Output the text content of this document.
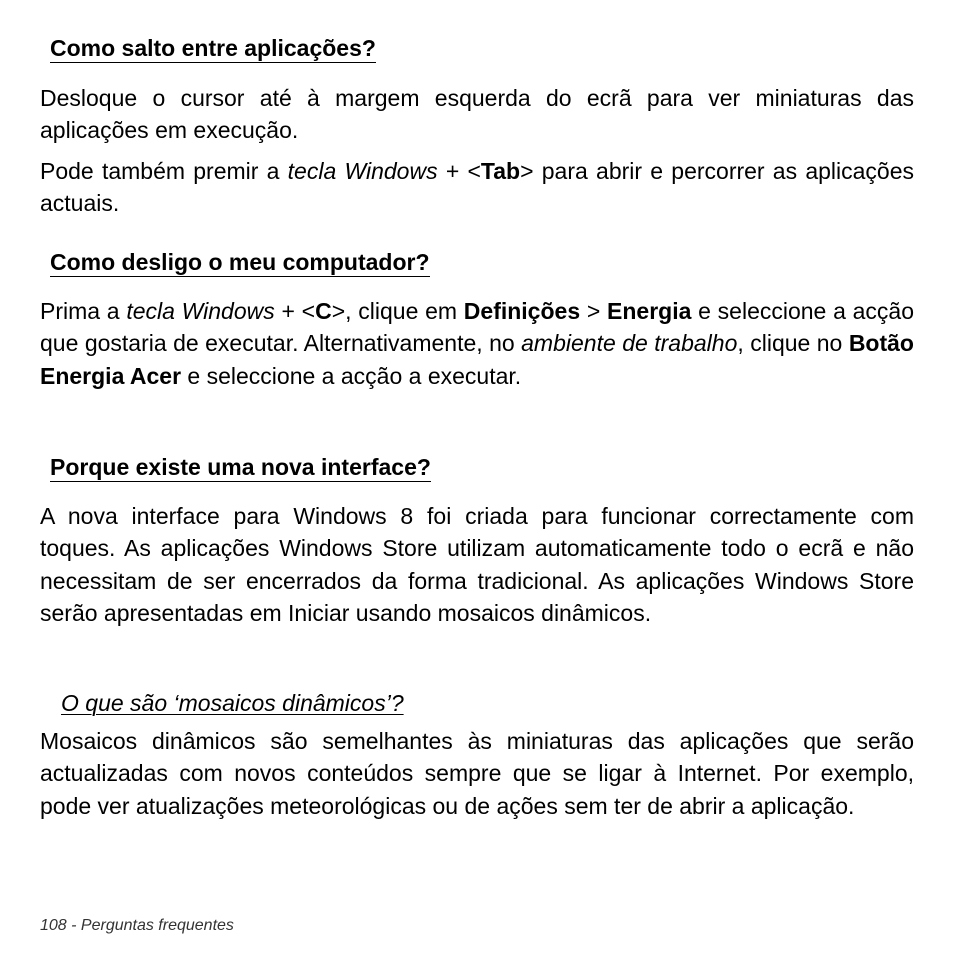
Como salto entre aplicações?

Desloque o cursor até à margem esquerda do ecrã para ver miniaturas das aplicações em execução.

Pode também premir a tecla Windows + <Tab> para abrir e percorrer as aplicações actuais.

Como desligo o meu computador?

Prima a tecla Windows + <C>, clique em Definições > Energia e seleccione a acção que gostaria de executar. Alternativamente, no ambiente de trabalho, clique no Botão Energia Acer e seleccione a acção a executar.

Porque existe uma nova interface?

A nova interface para Windows 8 foi criada para funcionar correctamente com toques. As aplicações Windows Store utilizam automaticamente todo o ecrã e não necessitam de ser encerrados da forma tradicional. As aplicações Windows Store serão apresentadas em Iniciar usando mosaicos dinâmicos.

O que são ‘mosaicos dinâmicos’?

Mosaicos dinâmicos são semelhantes às miniaturas das aplicações que serão actualizadas com novos conteúdos sempre que se ligar à Internet. Por exemplo, pode ver atualizações meteorológicas ou de ações sem ter de abrir a aplicação.

108 - Perguntas frequentes
